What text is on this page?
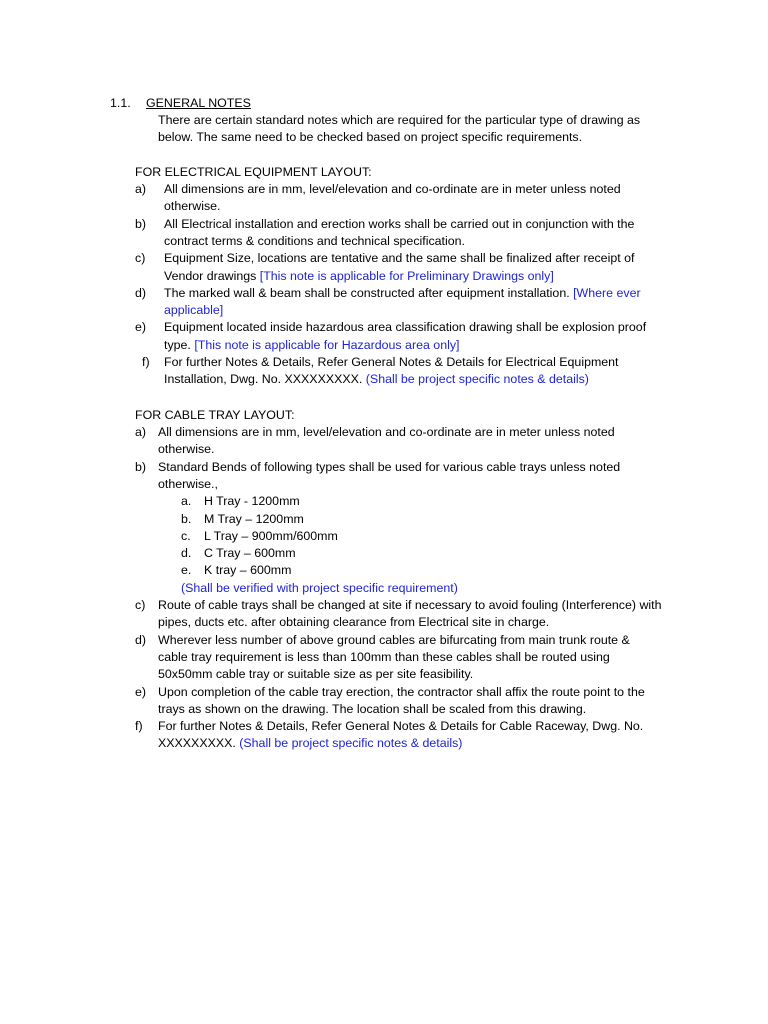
1.1. GENERAL NOTES
There are certain standard notes which are required for the particular type of drawing as
below. The same need to be checked based on project specific requirements.
FOR ELECTRICAL EQUIPMENT LAYOUT:
a) All dimensions are in mm, level/elevation and co-ordinate are in meter unless noted
otherwise.
b) All Electrical installation and erection works shall be carried out in conjunction with the
contract terms & conditions and technical specification.
c) Equipment Size, locations are tentative and the same shall be finalized after receipt of
Vendor drawings [This note is applicable for Preliminary Drawings only]
d) The marked wall & beam shall be constructed after equipment installation. [Where ever
applicable]
e) Equipment located inside hazardous area classification drawing shall be explosion proof
type. [This note is applicable for Hazardous area only]
f) For further Notes & Details, Refer General Notes & Details for Electrical Equipment
Installation, Dwg. No. XXXXXXXXX. (Shall be project specific notes & details)
FOR CABLE TRAY LAYOUT:
a) All dimensions are in mm, level/elevation and co-ordinate are in meter unless noted
otherwise.
b) Standard Bends of following types shall be used for various cable trays unless noted
otherwise.,
a. H Tray - 1200mm
b. M Tray – 1200mm
c. L Tray – 900mm/600mm
d. C Tray – 600mm
e. K tray – 600mm
(Shall be verified with project specific requirement)
c) Route of cable trays shall be changed at site if necessary to avoid fouling (Interference) with
pipes, ducts etc. after obtaining clearance from Electrical site in charge.
d) Wherever less number of above ground cables are bifurcating from main trunk route &
cable tray requirement is less than 100mm than these cables shall be routed using
50x50mm cable tray or suitable size as per site feasibility.
e) Upon completion of the cable tray erection, the contractor shall affix the route point to the
trays as shown on the drawing. The location shall be scaled from this drawing.
f) For further Notes & Details, Refer General Notes & Details for Cable Raceway, Dwg. No.
XXXXXXXXX. (Shall be project specific notes & details)
